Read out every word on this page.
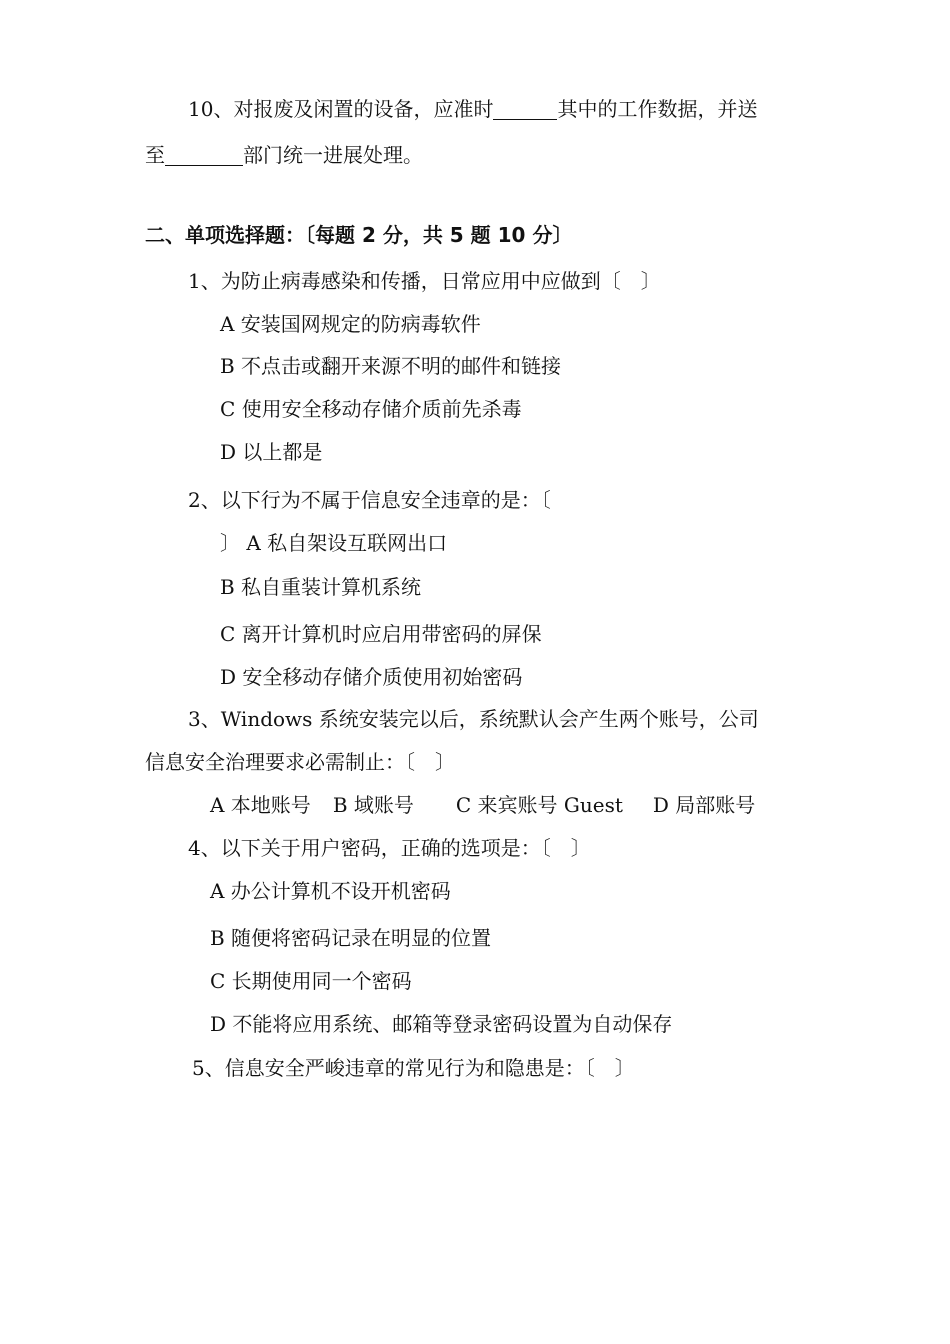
10、对报废及闲置的设备，应准时	其中的工作数据，并送
至	部门统一进展处理。
二、单项选择题：〔每题 2 分，共 5 题 10 分〕
1、为防止病毒感染和传播，日常应用中应做到〔　〕
A 安装国网规定的防病毒软件
B 不点击或翻开来源不明的邮件和链接
C 使用安全移动存储介质前先杀毒
D 以上都是
2、以下行为不属于信息安全违章的是：〔
〕 A 私自架设互联网出口
B 私自重装计算机系统
C 离开计算机时应启用带密码的屏保
D 安全移动存储介质使用初始密码
3、Windows 系统安装完以后，系统默认会产生两个账号，公司
信息安全治理要求必需制止：〔　〕
A 本地账号 B 域账号 C 来宾账号 Guest D 局部账号
4、以下关于用户密码，正确的选项是：〔　〕
A 办公计算机不设开机密码
B 随便将密码记录在明显的位置
C 长期使用同一个密码
D 不能将应用系统、邮箱等登录密码设置为自动保存
5、信息安全严峻违章的常见行为和隐患是：〔　〕
